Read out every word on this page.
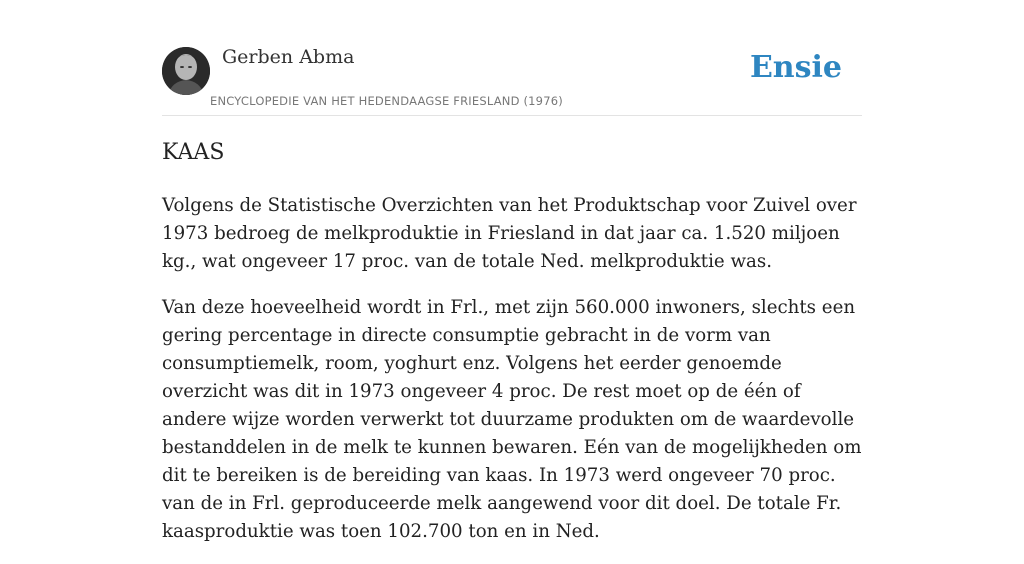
Gerben Abma
ENCYCLOPEDIE VAN HET HEDENDAAGSE FRIESLAND (1976)
Ensie
KAAS

Volgens de Statistische Overzichten van het Produktschap voor Zuivel over 1973 bedroeg de melkproduktie in Friesland in dat jaar ca. 1.520 miljoen kg., wat ongeveer 17 proc. van de totale Ned. melkproduktie was.

Van deze hoeveelheid wordt in Frl., met zijn 560.000 inwoners, slechts een gering percentage in directe consumptie gebracht in de vorm van consumptiemelk, room, yoghurt enz. Volgens het eerder genoemde overzicht was dit in 1973 ongeveer 4 proc. De rest moet op de één of andere wijze worden verwerkt tot duurzame produkten om de waardevolle bestanddelen in de melk te kunnen bewaren. Eén van de mogelijkheden om dit te bereiken is de bereiding van kaas. In 1973 werd ongeveer 70 proc. van de in Frl. geproduceerde melk aangewend voor dit doel. De totale Fr. kaasproduktie was toen 102.700 ton en in Ned.
